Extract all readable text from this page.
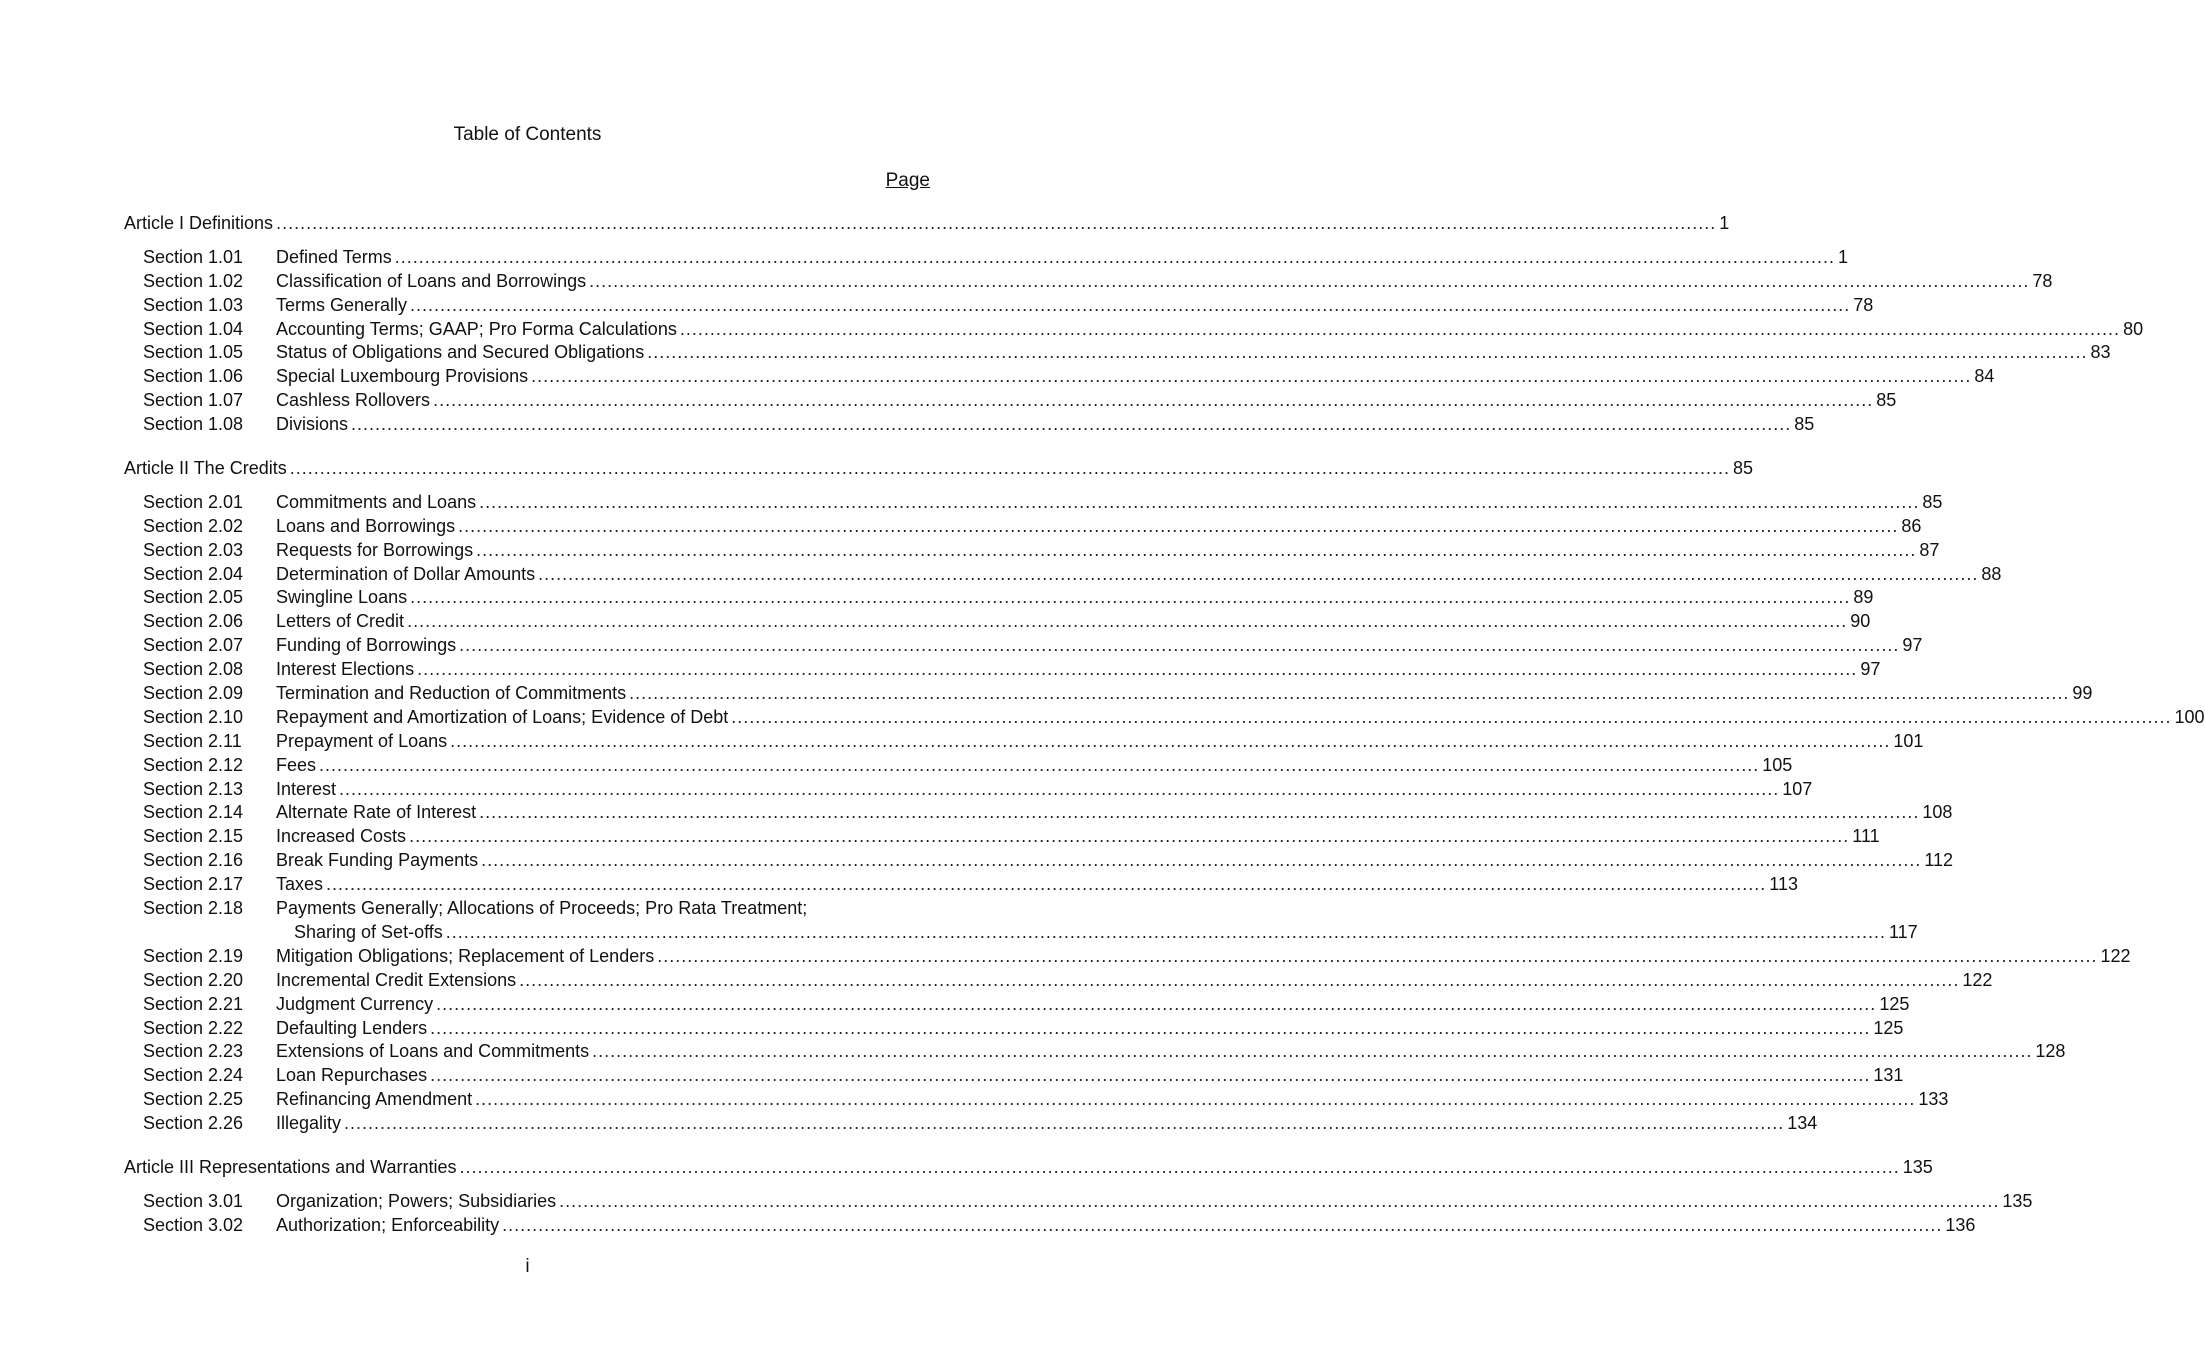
Table of Contents
Page
Article I Definitions .....	1
Section 1.01	Defined Terms .....	1
Section 1.02	Classification of Loans and Borrowings .....	78
Section 1.03	Terms Generally .....	78
Section 1.04	Accounting Terms; GAAP; Pro Forma Calculations .....	80
Section 1.05	Status of Obligations and Secured Obligations .....	83
Section 1.06	Special Luxembourg Provisions .....	84
Section 1.07	Cashless Rollovers .....	85
Section 1.08	Divisions .....	85
Article II The Credits .....	85
Section 2.01	Commitments and Loans .....	85
Section 2.02	Loans and Borrowings .....	86
Section 2.03	Requests for Borrowings .....	87
Section 2.04	Determination of Dollar Amounts .....	88
Section 2.05	Swingline Loans .....	89
Section 2.06	Letters of Credit .....	90
Section 2.07	Funding of Borrowings .....	97
Section 2.08	Interest Elections .....	97
Section 2.09	Termination and Reduction of Commitments .....	99
Section 2.10	Repayment and Amortization of Loans; Evidence of Debt .....	100
Section 2.11	Prepayment of Loans .....	101
Section 2.12	Fees .....	105
Section 2.13	Interest .....	107
Section 2.14	Alternate Rate of Interest .....	108
Section 2.15	Increased Costs .....	111
Section 2.16	Break Funding Payments .....	112
Section 2.17	Taxes .....	113
Section 2.18	Payments Generally; Allocations of Proceeds; Pro Rata Treatment;
Sharing of Set-offs .....	117
Section 2.19	Mitigation Obligations; Replacement of Lenders .....	122
Section 2.20	Incremental Credit Extensions .....	122
Section 2.21	Judgment Currency .....	125
Section 2.22	Defaulting Lenders .....	125
Section 2.23	Extensions of Loans and Commitments .....	128
Section 2.24	Loan Repurchases .....	131
Section 2.25	Refinancing Amendment .....	133
Section 2.26	Illegality .....	134
Article III Representations and Warranties .....	135
Section 3.01	Organization; Powers; Subsidiaries .....	135
Section 3.02	Authorization; Enforceability .....	136
i
